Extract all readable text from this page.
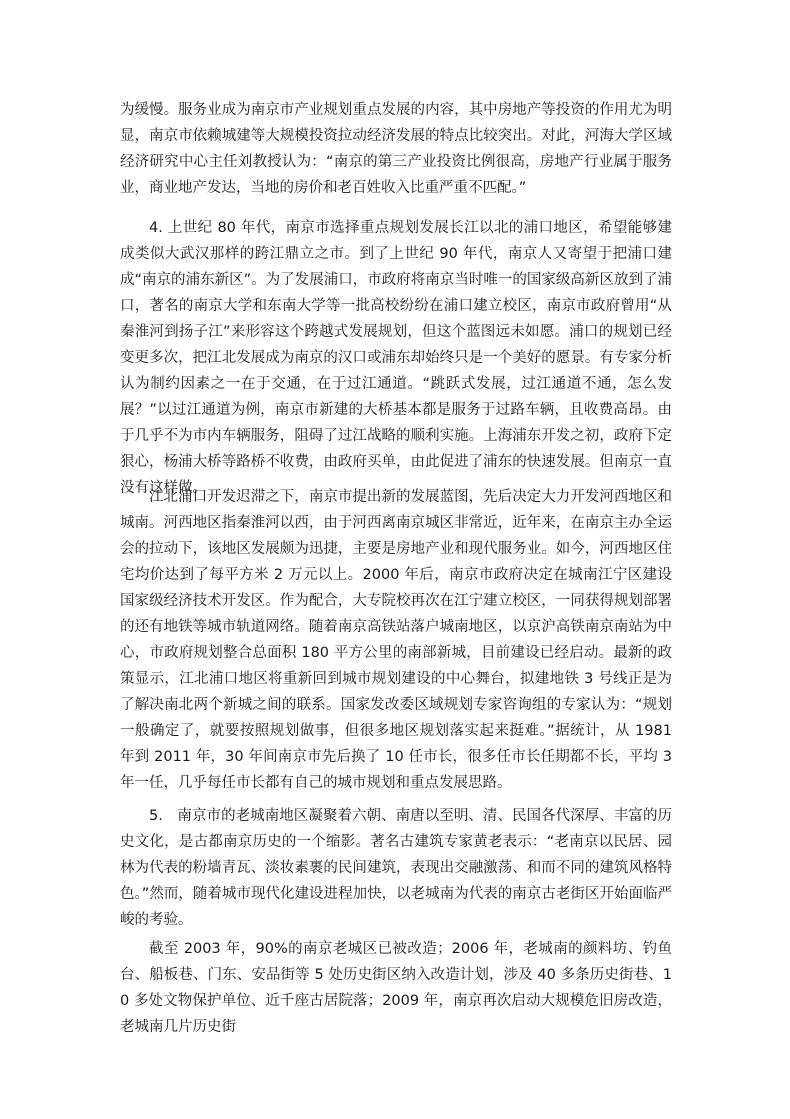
为缓慢。服务业成为南京市产业规划重点发展的内容，其中房地产等投资的作用尤为明显，南京市依赖城建等大规模投资拉动经济发展的特点比较突出。对此，河海大学区域经济研究中心主任刘教授认为：“南京的第三产业投资比例很高，房地产行业属于服务业，商业地产发达，当地的房价和老百姓收入比重严重不匹配。”

4. 上世纪 80 年代，南京市选择重点规划发展长江以北的浦口地区，希望能够建成类似大武汉那样的跨江鼎立之市。到了上世纪 90 年代，南京人又寄望于把浦口建成“南京的浦东新区”。为了发展浦口，市政府将南京当时唯一的国家级高新区放到了浦口，著名的南京大学和东南大学等一批高校纷纷在浦口建立校区，南京市政府曾用“从秦淮河到扬子江”来形容这个跨越式发展规划，但这个蓝图远未如愿。浦口的规划已经变更多次，把江北发展成为南京的汉口或浦东却始终只是一个美好的愿景。有专家分析认为制约因素之一在于交通，在于过江通道。“跳跃式发展，过江通道不通，怎么发展？”以过江通道为例，南京市新建的大桥基本都是服务于过路车辆，且收费高昂。由于几乎不为市内车辆服务，阻碍了过江战略的顺利实施。上海浦东开发之初，政府下定狠心，杨浦大桥等路桥不收费，由政府买单，由此促进了浦东的快速发展。但南京一直没有这样做。

江北浦口开发迟滞之下，南京市提出新的发展蓝图，先后决定大力开发河西地区和城南。河西地区指秦淮河以西，由于河西离南京城区非常近，近年来，在南京主办全运会的拉动下，该地区发展颇为迅捷，主要是房地产业和现代服务业。如今，河西地区住宅均价达到了每平方米 2 万元以上。2000 年后，南京市政府决定在城南江宁区建设国家级经济技术开发区。作为配合，大专院校再次在江宁建立校区，一同获得规划部署的还有地铁等城市轨道网络。随着南京高铁站落户城南地区，以京沪高铁南京南站为中心，市政府规划整合总面积 180 平方公里的南部新城，目前建设已经启动。最新的政策显示，江北浦口地区将重新回到城市规划建设的中心舞台，拟建地铁 3 号线正是为了解决南北两个新城之间的联系。国家发改委区域规划专家咨询组的专家认为：“规划一般确定了，就要按照规划做事，但很多地区规划落实起来挺难。”据统计，从 1981 年到 2011 年，30 年间南京市先后换了 10 任市长，很多任市长任期都不长，平均 3 年一任，几乎每任市长都有自己的城市规划和重点发展思路。

5.　南京市的老城南地区凝聚着六朝、南唐以至明、清、民国各代深厚、丰富的历史文化，是古都南京历史的一个缩影。著名古建筑专家黄老表示：“老南京以民居、园林为代表的粉墙青瓦、淡妆素裹的民间建筑，表现出交融激荡、和而不同的建筑风格特色。”然而，随着城市现代化建设进程加快，以老城南为代表的南京古老街区开始面临严峻的考验。

截至 2003 年，90%的南京老城区已被改造；2006 年，老城南的颜料坊、钓鱼台、船板巷、门东、安品街等 5 处历史街区纳入改造计划，涉及 40 多条历史街巷、10 多处文物保护单位、近千座古居院落；2009 年，南京再次启动大规模危旧房改造，老城南几片历史街
